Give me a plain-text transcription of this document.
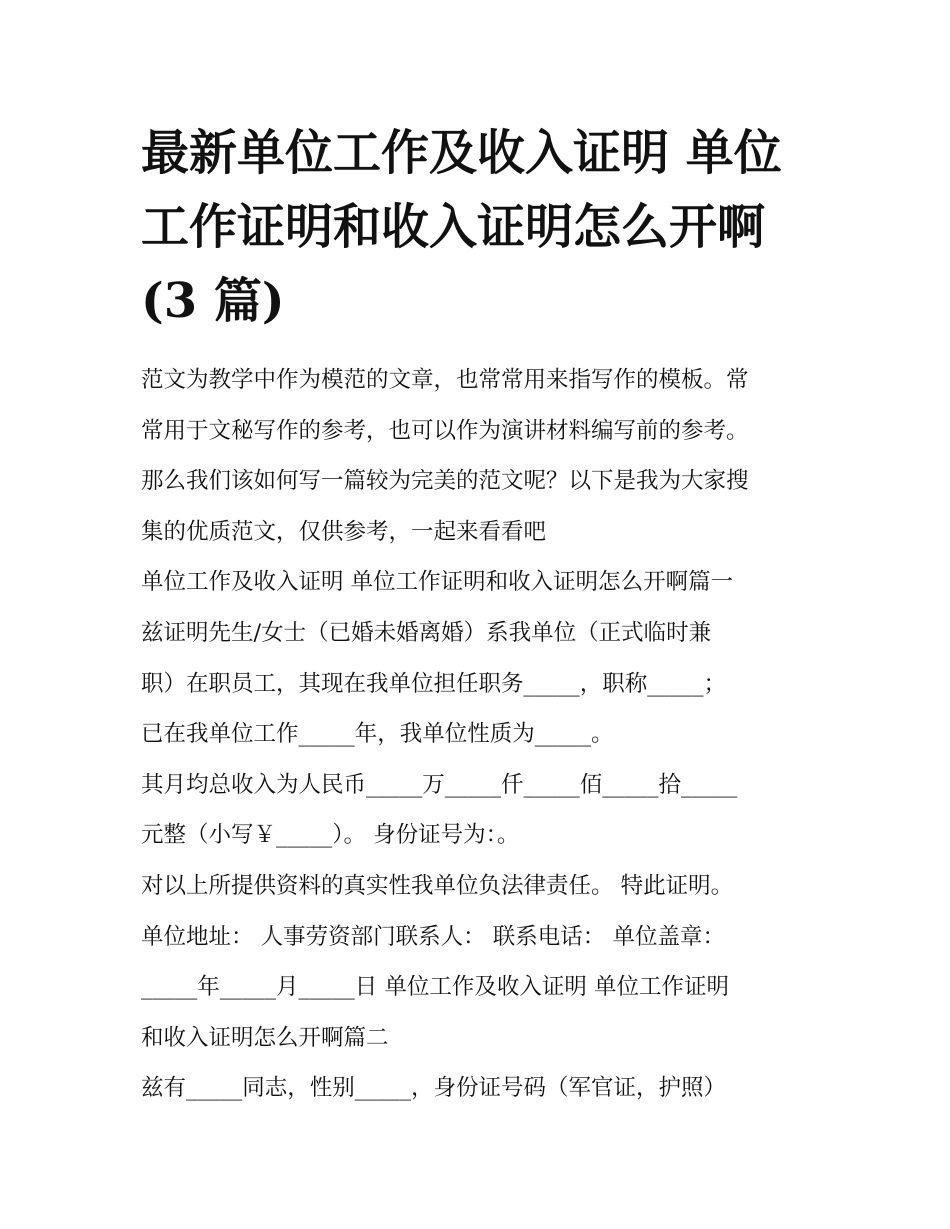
最新单位工作及收入证明 单位
工作证明和收入证明怎么开啊
(3 篇)
范文为教学中作为模范的文章，也常常用来指写作的模板。常
常用于文秘写作的参考，也可以作为演讲材料编写前的参考。
那么我们该如何写一篇较为完美的范文呢？以下是我为大家搜
集的优质范文，仅供参考，一起来看看吧
单位工作及收入证明 单位工作证明和收入证明怎么开啊篇一
兹证明先生/女士（已婚未婚离婚）系我单位（正式临时兼
职）在职员工，其现在我单位担任职务_____，职称_____；
已在我单位工作_____年，我单位性质为_____。
其月均总收入为人民币_____万_____仟_____佰_____拾_____
元整（小写￥_____）。 身份证号为：。
对以上所提供资料的真实性我单位负法律责任。 特此证明。
单位地址： 人事劳资部门联系人： 联系电话： 单位盖章：
_____年_____月_____日 单位工作及收入证明 单位工作证明
和收入证明怎么开啊篇二
兹有_____同志，性别_____，身份证号码（军官证，护照）
